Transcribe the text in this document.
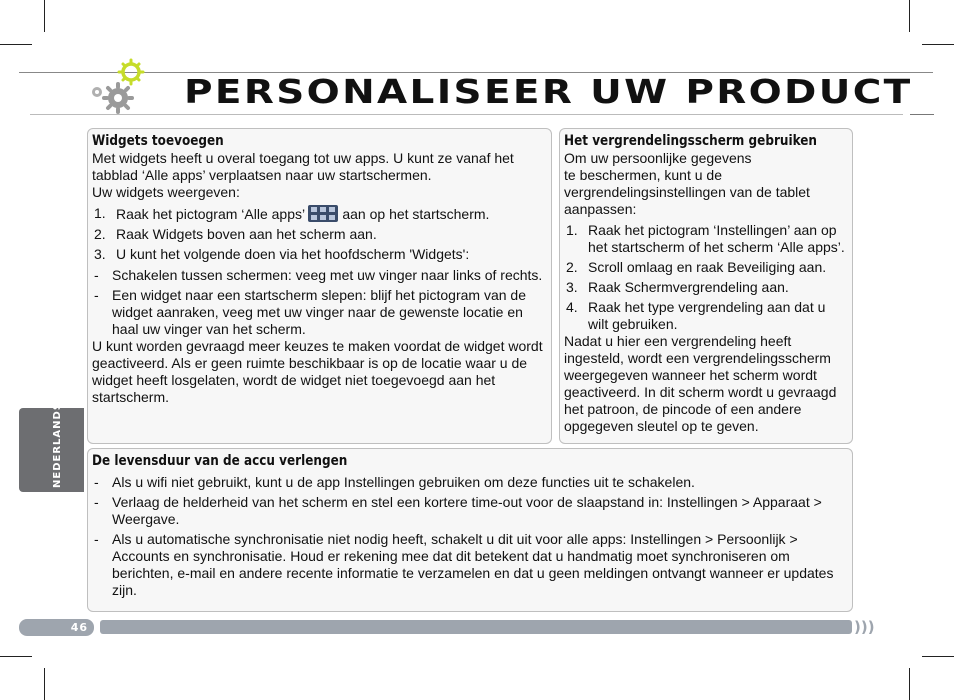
PERSONALISEER UW PRODUCT
Widgets toevoegen

Met widgets heeft u overal toegang tot uw apps. U kunt ze vanaf het tabblad ‘Alle apps’ verplaatsen naar uw startschermen.

Uw widgets weergeven:

1. Raak het pictogram ‘Alle apps’	aan op het startscherm.
2. Raak Widgets boven aan het scherm aan.
3. U kunt het volgende doen via het hoofdscherm 'Widgets':
- Schakelen tussen schermen: veeg met uw vinger naar links of rechts.
- Een widget naar een startscherm slepen: blijf het pictogram van de widget aanraken, veeg met uw vinger naar de gewenste locatie en haal uw vinger van het scherm.

U kunt worden gevraagd meer keuzes te maken voordat de widget wordt geactiveerd. Als er geen ruimte beschikbaar is op de locatie waar u de widget heeft losgelaten, wordt de widget niet toegevoegd aan het startscherm.

Het vergrendelingsscherm gebruiken

Om uw persoonlijke gegevens
te beschermen, kunt u de
vergrendelingsinstellingen van de tablet
aanpassen:

1. Raak het pictogram ‘Instellingen’ aan op het startscherm of het scherm ‘Alle apps’.
2. Scroll omlaag en raak Beveiliging aan.
3. Raak Schermvergrendeling aan.
4. Raak het type vergrendeling aan dat u wilt gebruiken.

Nadat u hier een vergrendeling heeft ingesteld, wordt een vergrendelingsscherm weergegeven wanneer het scherm wordt geactiveerd. In dit scherm wordt u gevraagd het patroon, de pincode of een andere opgegeven sleutel op te geven.

De levensduur van de accu verlengen
- Als u wifi niet gebruikt, kunt u de app Instellingen gebruiken om deze functies uit te schakelen.
- Verlaag de helderheid van het scherm en stel een kortere time-out voor de slaapstand in: Instellingen > Apparaat > Weergave.
- Als u automatische synchronisatie niet nodig heeft, schakelt u dit uit voor alle apps: Instellingen > Persoonlijk > Accounts en synchronisatie. Houd er rekening mee dat dit betekent dat u handmatig moet synchroniseren om berichten, e-mail en andere recente informatie te verzamelen en dat u geen meldingen ontvangt wanneer er updates zijn.
NEDERLANDS
46	)))
